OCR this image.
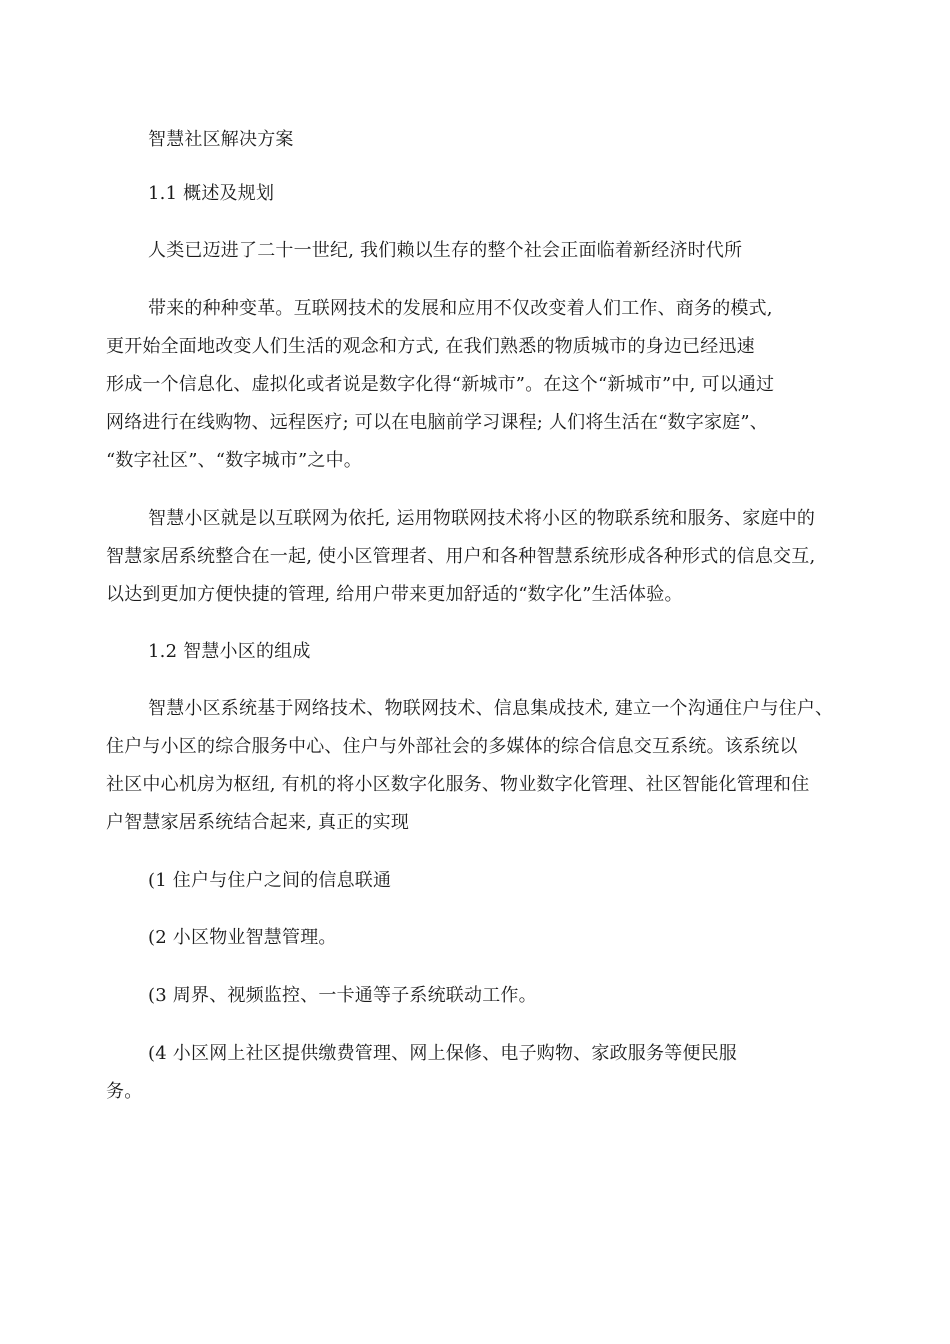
智慧社区解决方案
1.1 概述及规划
人类已迈进了二十一世纪, 我们赖以生存的整个社会正面临着新经济时代所
带来的种种变革。互联网技术的发展和应用不仅改变着人们工作、商务的模式,
更开始全面地改变人们生活的观念和方式, 在我们熟悉的物质城市的身边已经迅速
形成一个信息化、虚拟化或者说是数字化得“新城市”。在这个“新城市”中, 可以通过
网络进行在线购物、远程医疗; 可以在电脑前学习课程; 人们将生活在“数字家庭”、
“数字社区”、“数字城市”之中。
智慧小区就是以互联网为依托, 运用物联网技术将小区的物联系统和服务、家庭中的
智慧家居系统整合在一起, 使小区管理者、用户和各种智慧系统形成各种形式的信息交互,
以达到更加方便快捷的管理, 给用户带来更加舒适的“数字化”生活体验。
1.2 智慧小区的组成
智慧小区系统基于网络技术、物联网技术、信息集成技术, 建立一个沟通住户与住户、
住户与小区的综合服务中心、住户与外部社会的多媒体的综合信息交互系统。该系统以
社区中心机房为枢纽, 有机的将小区数字化服务、物业数字化管理、社区智能化管理和住
户智慧家居系统结合起来, 真正的实现
(1 住户与住户之间的信息联通
(2 小区物业智慧管理。
(3 周界、视频监控、一卡通等子系统联动工作。
(4 小区网上社区提供缴费管理、网上保修、电子购物、家政服务等便民服
务。
